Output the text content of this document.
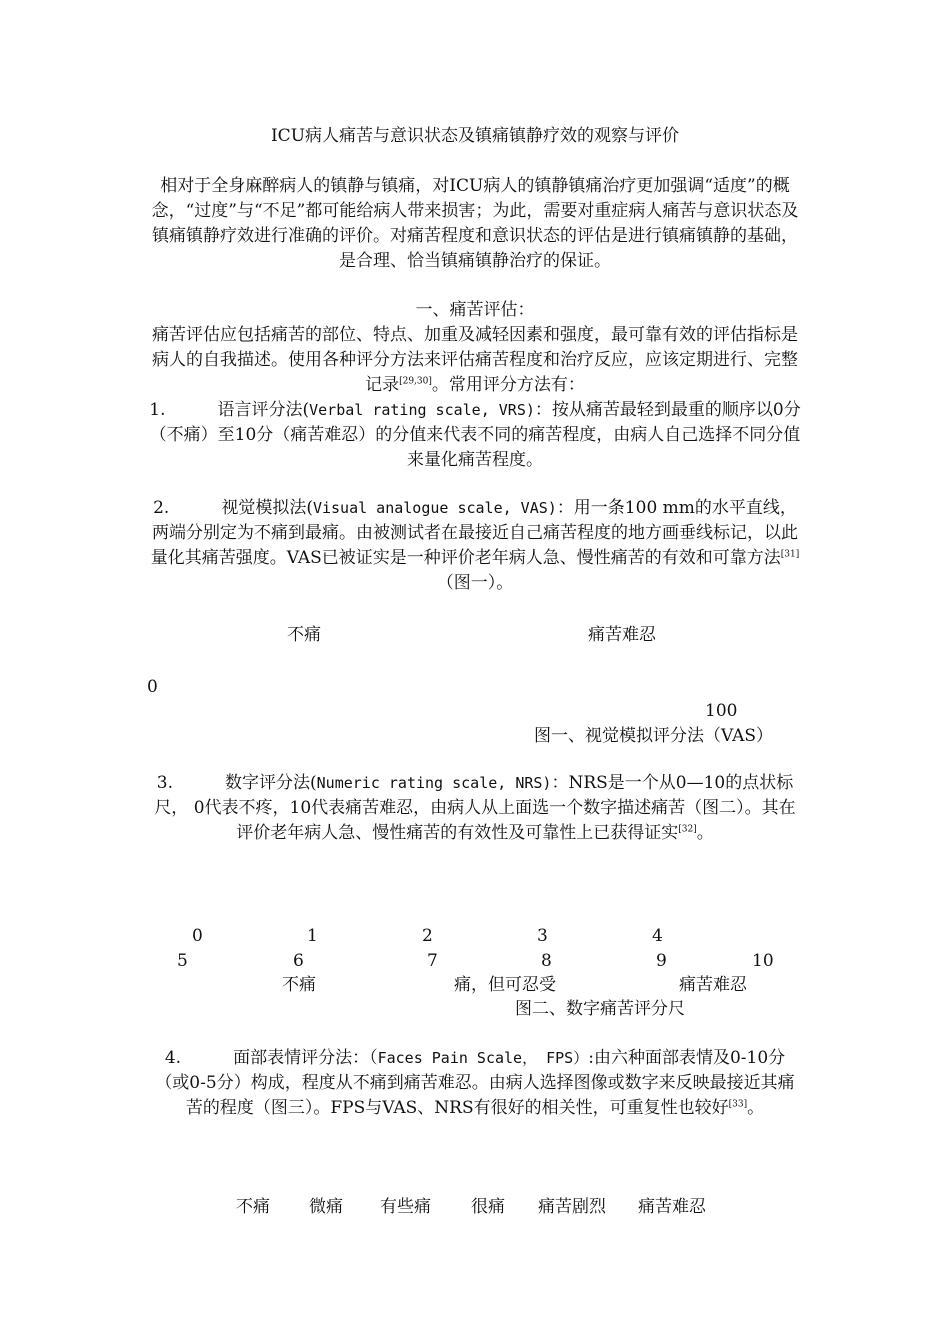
ICU病人痛苦与意识状态及镇痛镇静疗效的观察与评价

相对于全身麻醉病人的镇静与镇痛，对ICU病人的镇静镇痛治疗更加强调“适度”的概念，“过度”与“不足”都可能给病人带来损害；为此，需要对重症病人痛苦与意识状态及镇痛镇静疗效进行准确的评价。对痛苦程度和意识状态的评估是进行镇痛镇静的基础，是合理、恰当镇痛镇静治疗的保证。

一、痛苦评估：

痛苦评估应包括痛苦的部位、特点、加重及减轻因素和强度，最可靠有效的评估指标是病人的自我描述。使用各种评分方法来评估痛苦程度和治疗反应，应该定期进行、完整记录[29,30]。常用评分方法有：

1.	语言评分法(Verbal rating scale, VRS)：按从痛苦最轻到最重的顺序以0分（不痛）至10分（痛苦难忍）的分值来代表不同的痛苦程度，由病人自己选择不同分值来量化痛苦程度。

2.	视觉模拟法(Visual analogue scale, VAS)：用一条100 mm的水平直线，两端分别定为不痛到最痛。由被测试者在最接近自己痛苦程度的地方画垂线标记，以此量化其痛苦强度。VAS已被证实是一种评价老年病人急、慢性痛苦的有效和可靠方法[31]（图一）。

不痛	痛苦难忍
0
100
图一、视觉模拟评分法（VAS）

3.	数字评分法(Numeric rating scale, NRS)：NRS是一个从0—10的点状标尺， 0代表不疼，10代表痛苦难忍，由病人从上面选一个数字描述痛苦（图二）。其在评价老年病人急、慢性痛苦的有效性及可靠性上已获得证实[32]。

0	1	2	3	4
5	6	7	8	9	10
不痛	痛，但可忍受	痛苦难忍
图二、数字痛苦评分尺

4.	面部表情评分法：（Faces Pain Scale， FPS）:由六种面部表情及0-10分（或0-5分）构成，程度从不痛到痛苦难忍。由病人选择图像或数字来反映最接近其痛苦的程度（图三）。FPS与VAS、NRS有很好的相关性，可重复性也较好[33]。

不痛 微痛 有些痛 很痛 痛苦剧烈 痛苦难忍
